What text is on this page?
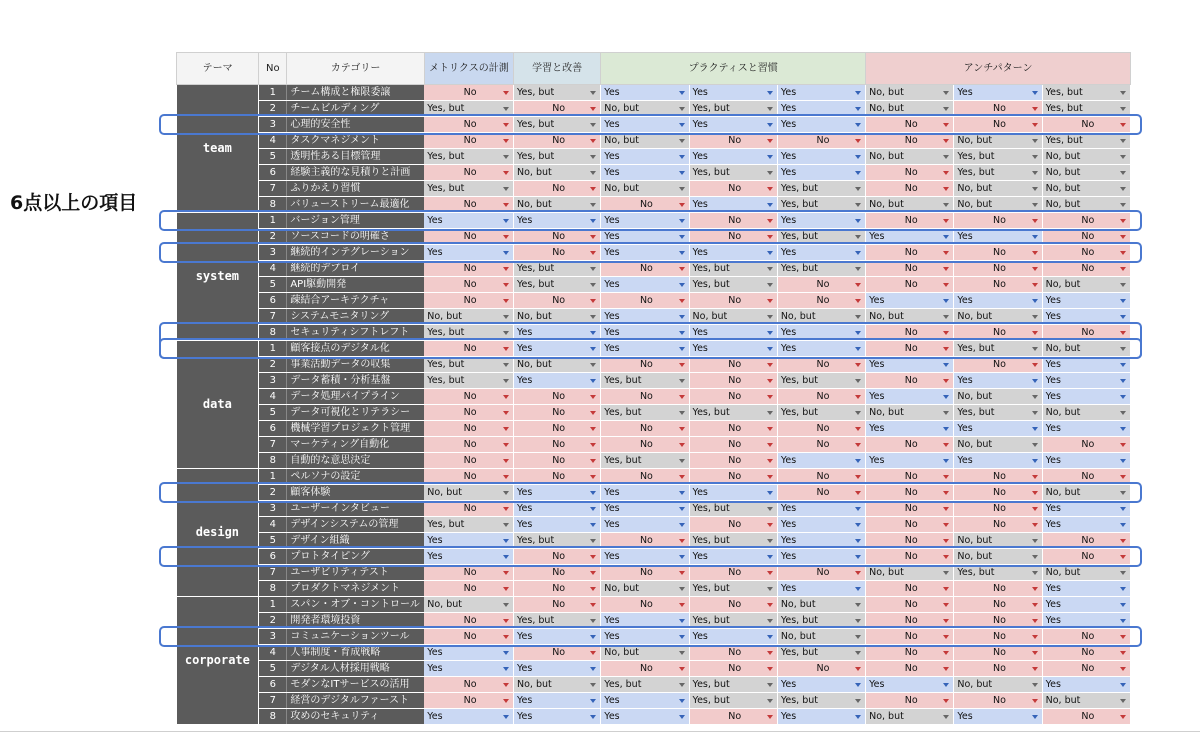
6点以上の項目
テーマ	No	カテゴリー	メトリクスの計測	学習と改善	プラクティスと習慣			アンチパターン		
team	1	チーム構成と権限委譲	No	Yes, but	Yes	Yes	Yes	No, but	Yes	Yes, but

	2	チームビルディング	Yes, but	No	No, but	Yes, but	Yes	No, but	No	Yes, but

	3	心理的安全性	No	Yes, but	Yes	Yes	Yes	No	No	No

	4	タスクマネジメント	No	No	No, but	No	No	No	No, but	Yes, but

	5	透明性ある目標管理	Yes, but	Yes, but	Yes	Yes	Yes	No, but	Yes, but	No, but

	6	経験主義的な見積りと計画	No	No, but	Yes	Yes, but	Yes	No	Yes, but	No, but

	7	ふりかえり習慣	Yes, but	No	No, but	No	Yes, but	No	No, but	No, but

	8	バリューストリーム最適化	No	No, but	No	Yes	Yes, but	No, but	No, but	No, but

system	1	バージョン管理	Yes	Yes	Yes	No	Yes	No	No	No

	2	ソースコードの明確さ	No	No	Yes	No	Yes, but	Yes	Yes	No

	3	継続的インテグレーション	Yes	No	Yes	Yes	Yes	No	No	No

	4	継続的デプロイ	No	Yes, but	No	Yes, but	Yes, but	No	No	No

	5	API駆動開発	No	Yes, but	Yes	Yes, but	No	No	No	No, but

	6	疎結合アーキテクチャ	No	No	No	No	No	Yes	Yes	Yes

	7	システムモニタリング	No, but	No, but	Yes	No, but	No, but	No, but	No, but	Yes

	8	セキュリティシフトレフト	Yes, but	Yes	Yes	Yes	Yes	No	No	No

data	1	顧客接点のデジタル化	No	Yes	Yes	Yes	Yes	No	Yes, but	No, but

	2	事業活動データの収集	Yes, but	No, but	No	No	No	Yes	No	Yes

	3	データ蓄積・分析基盤	Yes, but	Yes	Yes, but	No	Yes, but	No	Yes	Yes

	4	データ処理パイプライン	No	No	No	No	No	Yes	No, but	Yes

	5	データ可視化とリテラシー	No	No	Yes, but	Yes, but	Yes, but	No, but	Yes, but	No, but

	6	機械学習プロジェクト管理	No	No	No	No	No	Yes	Yes	Yes

	7	マーケティング自動化	No	No	No	No	No	No	No, but	No

	8	自動的な意思決定	No	No	Yes, but	No	Yes	Yes	Yes	Yes

design	1	ペルソナの設定	No	No	No	No	No	No	No	No

	2	顧客体験	No, but	Yes	Yes	Yes	No	No	No	No, but

	3	ユーザーインタビュー	No	Yes	Yes	Yes, but	Yes	No	No	Yes

	4	デザインシステムの管理	Yes, but	Yes	Yes	No	Yes	No	No	Yes

	5	デザイン組織	Yes	Yes, but	No	Yes, but	Yes	No	No, but	No

	6	プロトタイピング	Yes	No	Yes	Yes	Yes	No	No, but	No

	7	ユーザビリティテスト	No	No	No	No	No	No, but	Yes, but	No, but

	8	プロダクトマネジメント	No	No	No, but	Yes, but	Yes	No	No	Yes

corporate	1	スパン・オブ・コントロール	No, but	No	No	No	No, but	No	No	Yes

	2	開発者環境投資	No	Yes, but	Yes	Yes, but	Yes, but	No	No	Yes

	3	コミュニケーションツール	No	Yes	Yes	Yes	No, but	No	No	No

	4	人事制度・育成戦略	Yes	No	No, but	No	Yes, but	No	No	No

	5	デジタル人材採用戦略	Yes	Yes	No	No	No	No	No	No

	6	モダンなITサービスの活用	No	No, but	Yes, but	Yes, but	Yes	Yes	No, but	Yes

	7	経営のデジタルファースト	No	Yes	Yes	Yes, but	Yes, but	No	No	No, but

	8	攻めのセキュリティ	Yes	Yes	Yes	No	Yes	No, but	Yes	No
